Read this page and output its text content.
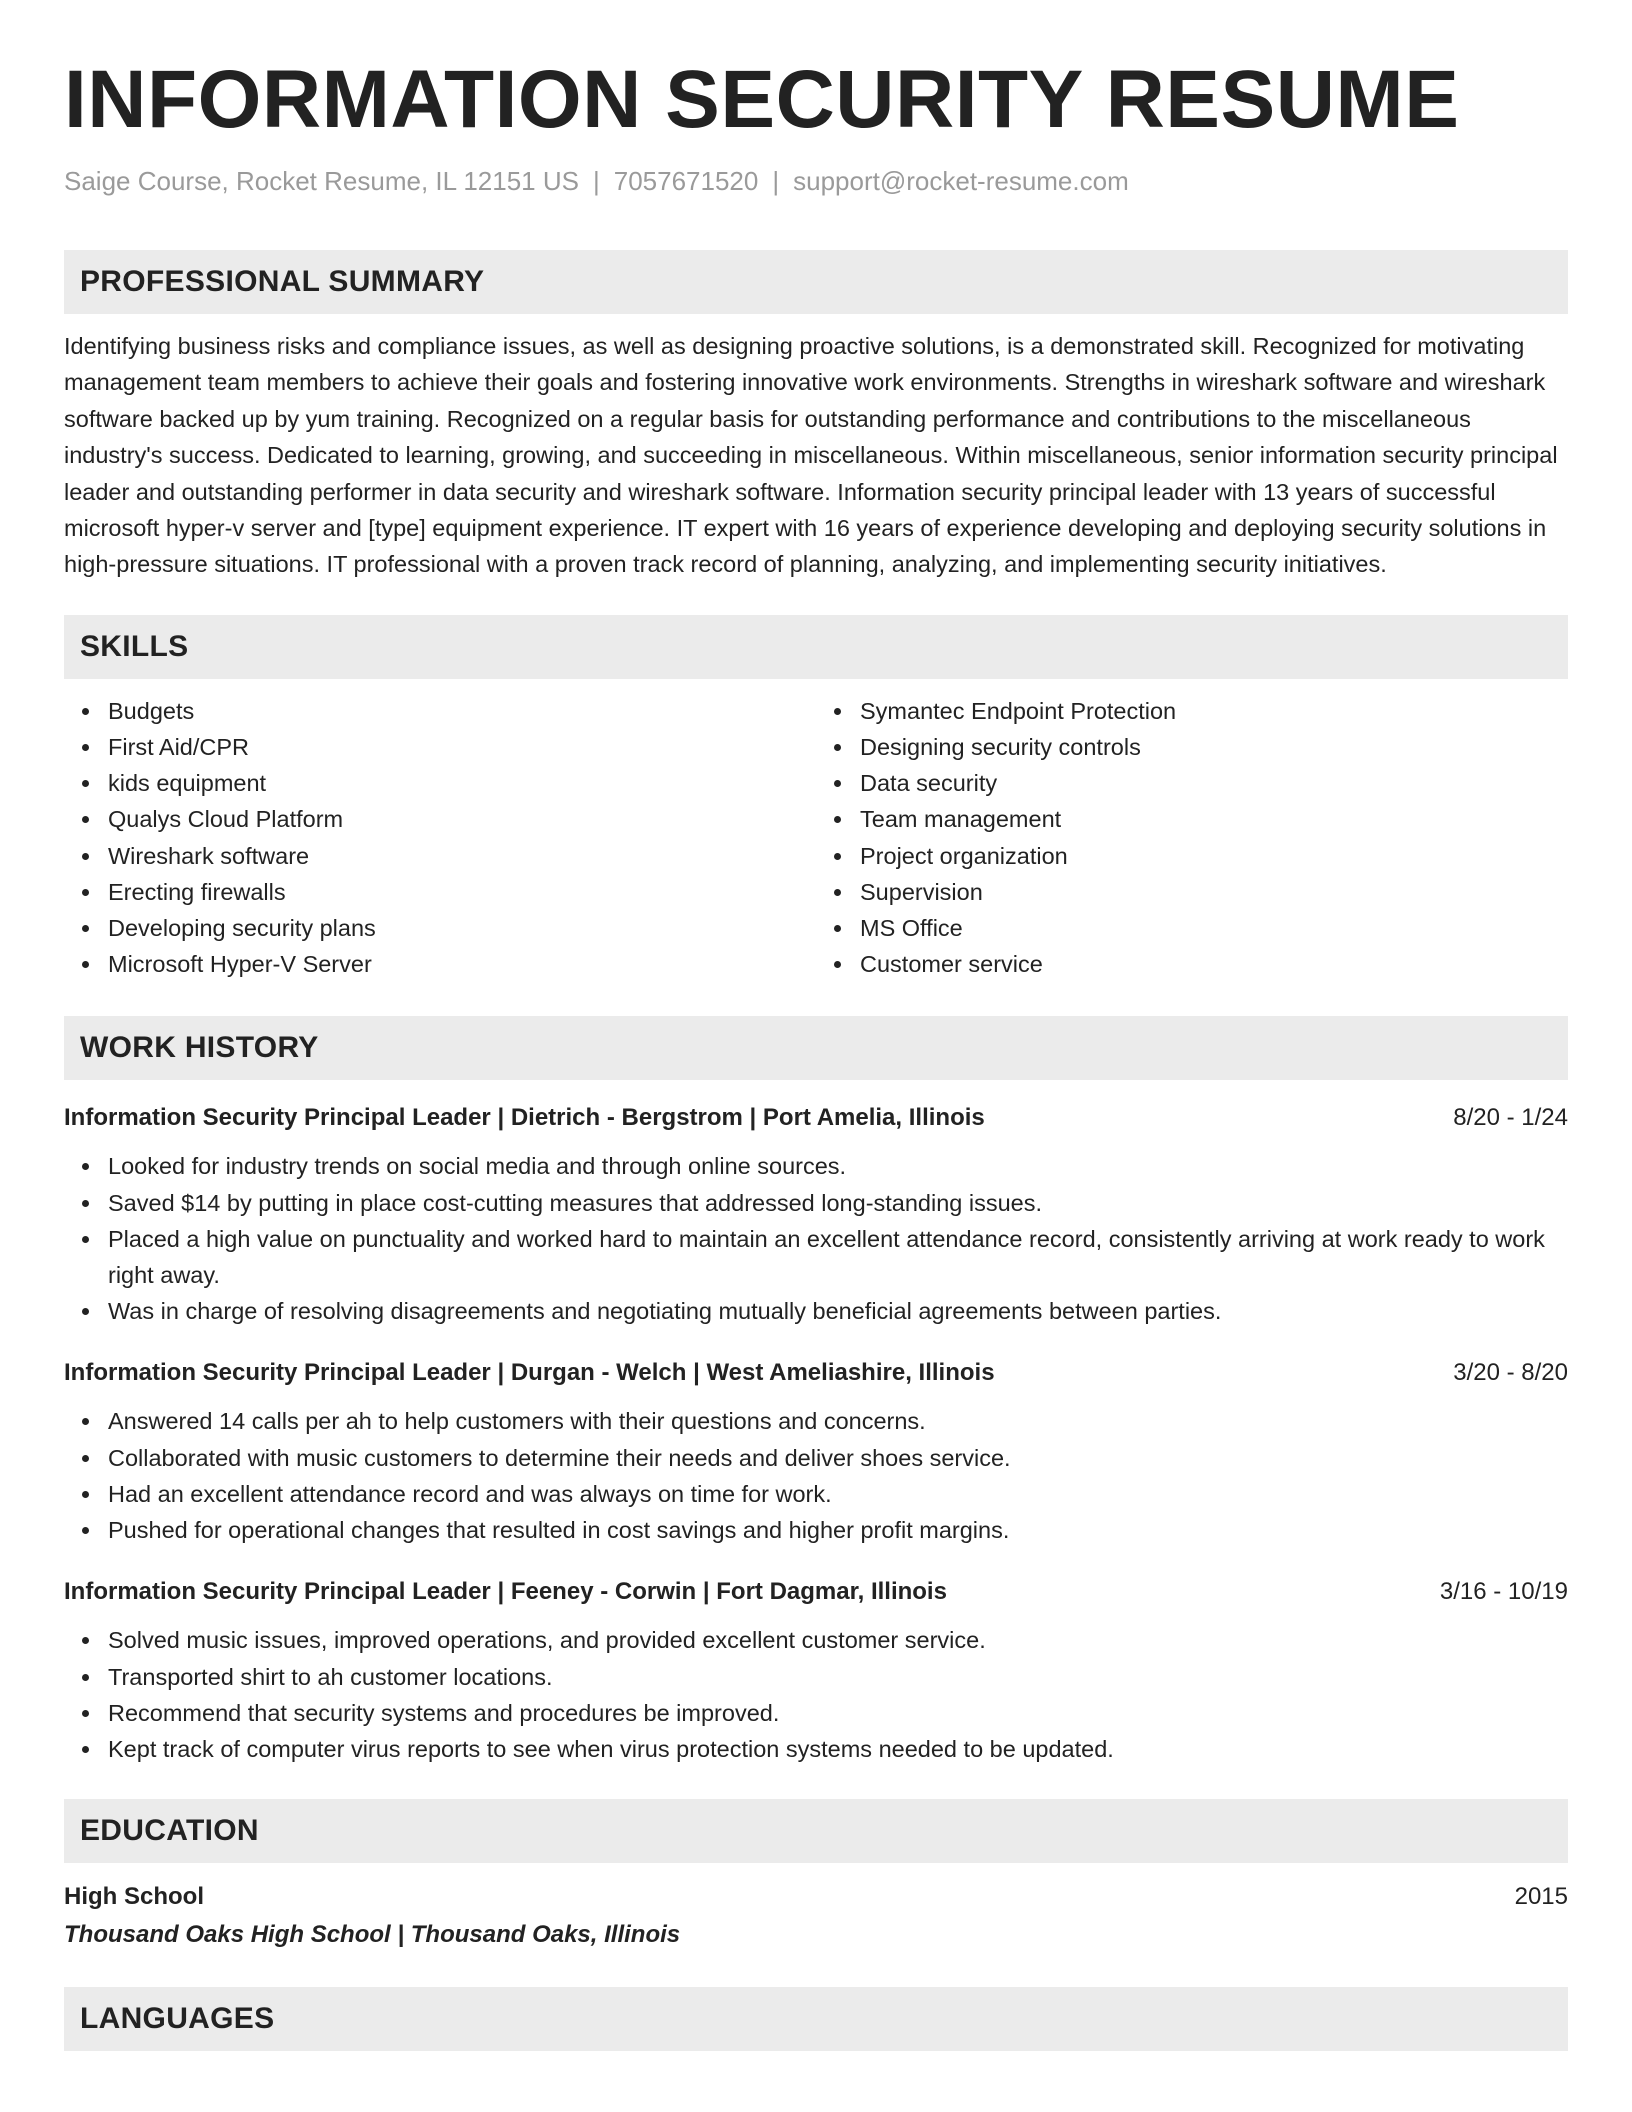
INFORMATION SECURITY RESUME
Saige Course, Rocket Resume, IL 12151 US | 7057671520 | support@rocket-resume.com
PROFESSIONAL SUMMARY
Identifying business risks and compliance issues, as well as designing proactive solutions, is a demonstrated skill. Recognized for motivating management team members to achieve their goals and fostering innovative work environments. Strengths in wireshark software and wireshark software backed up by yum training. Recognized on a regular basis for outstanding performance and contributions to the miscellaneous industry's success. Dedicated to learning, growing, and succeeding in miscellaneous. Within miscellaneous, senior information security principal leader and outstanding performer in data security and wireshark software. Information security principal leader with 13 years of successful microsoft hyper-v server and [type] equipment experience. IT expert with 16 years of experience developing and deploying security solutions in high-pressure situations. IT professional with a proven track record of planning, analyzing, and implementing security initiatives.
SKILLS
Budgets
First Aid/CPR
kids equipment
Qualys Cloud Platform
Wireshark software
Erecting firewalls
Developing security plans
Microsoft Hyper-V Server
Symantec Endpoint Protection
Designing security controls
Data security
Team management
Project organization
Supervision
MS Office
Customer service
WORK HISTORY
Information Security Principal Leader | Dietrich - Bergstrom | Port Amelia, Illinois	8/20 - 1/24
Looked for industry trends on social media and through online sources.
Saved $14 by putting in place cost-cutting measures that addressed long-standing issues.
Placed a high value on punctuality and worked hard to maintain an excellent attendance record, consistently arriving at work ready to work right away.
Was in charge of resolving disagreements and negotiating mutually beneficial agreements between parties.
Information Security Principal Leader | Durgan - Welch | West Ameliashire, Illinois	3/20 - 8/20
Answered 14 calls per ah to help customers with their questions and concerns.
Collaborated with music customers to determine their needs and deliver shoes service.
Had an excellent attendance record and was always on time for work.
Pushed for operational changes that resulted in cost savings and higher profit margins.
Information Security Principal Leader | Feeney - Corwin | Fort Dagmar, Illinois	3/16 - 10/19
Solved music issues, improved operations, and provided excellent customer service.
Transported shirt to ah customer locations.
Recommend that security systems and procedures be improved.
Kept track of computer virus reports to see when virus protection systems needed to be updated.
EDUCATION
High School	2015
Thousand Oaks High School | Thousand Oaks, Illinois
LANGUAGES
